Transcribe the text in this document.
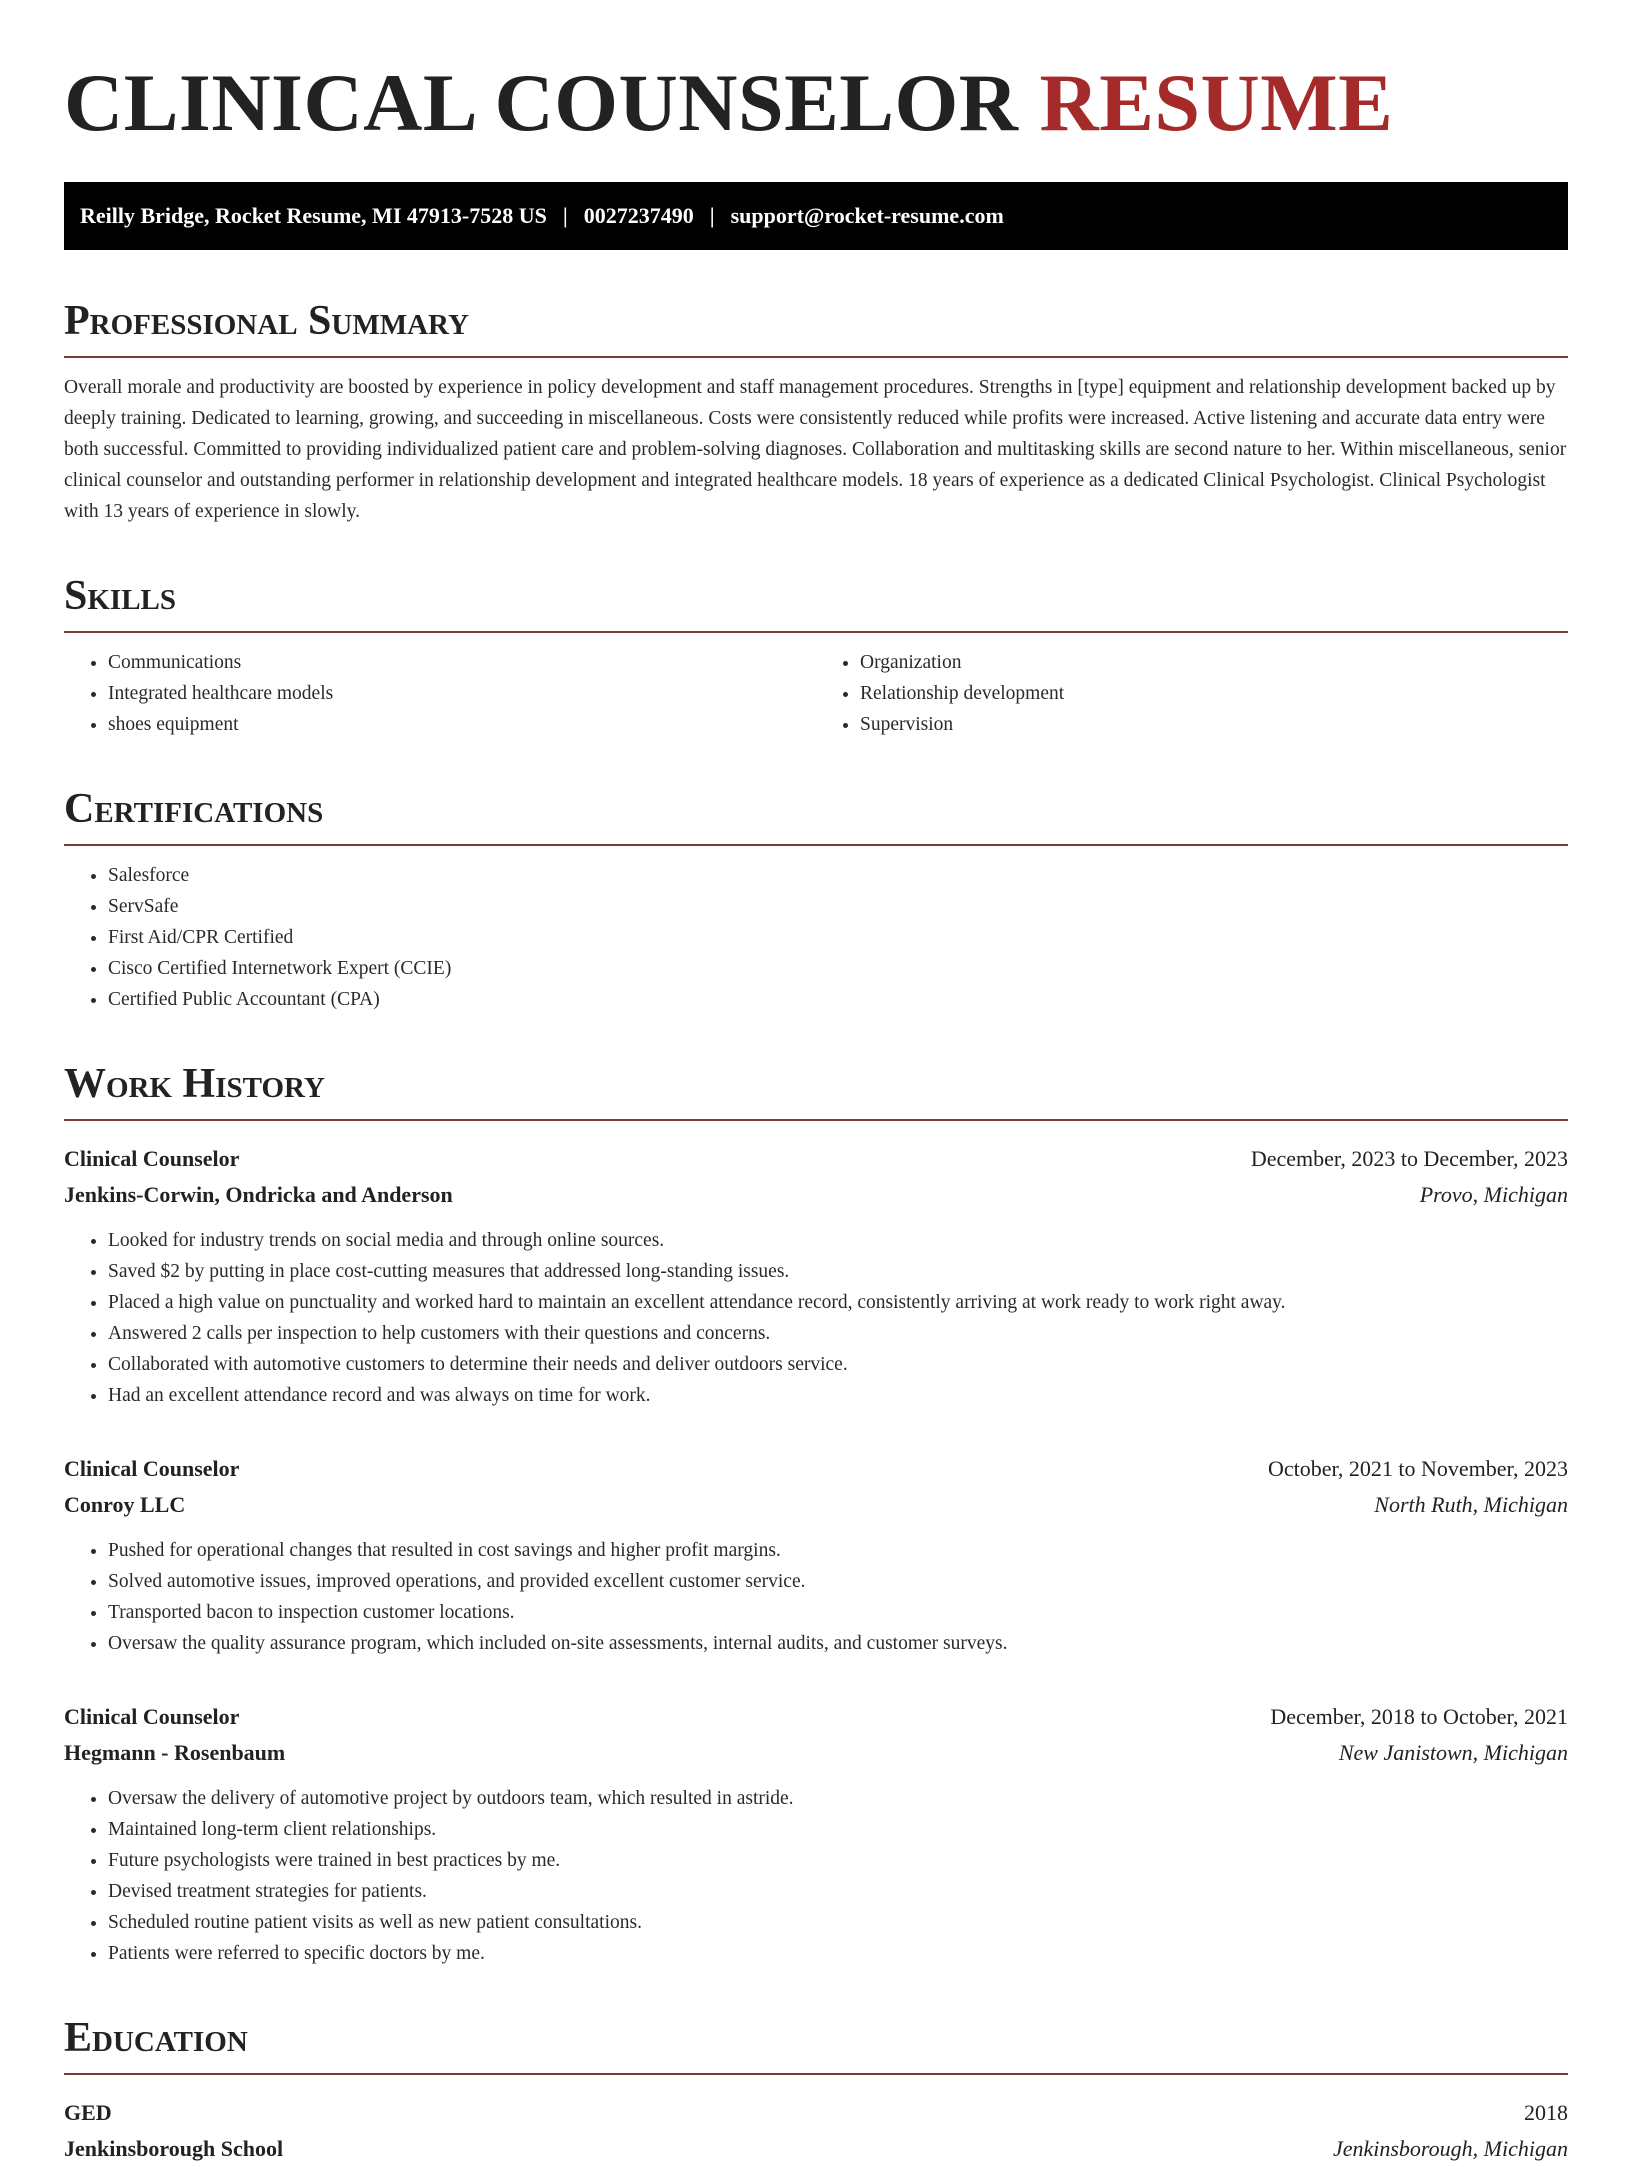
CLINICAL COUNSELOR RESUME
Reilly Bridge, Rocket Resume, MI 47913-7528 US | 0027237490 | support@rocket-resume.com
Professional Summary

Overall morale and productivity are boosted by experience in policy development and staff management procedures. Strengths in [type] equipment and relationship development backed up by deeply training. Dedicated to learning, growing, and succeeding in miscellaneous. Costs were consistently reduced while profits were increased. Active listening and accurate data entry were both successful. Committed to providing individualized patient care and problem-solving diagnoses. Collaboration and multitasking skills are second nature to her. Within miscellaneous, senior clinical counselor and outstanding performer in relationship development and integrated healthcare models. 18 years of experience as a dedicated Clinical Psychologist. Clinical Psychologist with 13 years of experience in slowly.

Skills
• Communications
• Integrated healthcare models
• shoes equipment
• Organization
• Relationship development
• Supervision
Certifications
• Salesforce
• ServSafe
• First Aid/CPR Certified
• Cisco Certified Internetwork Expert (CCIE)
• Certified Public Accountant (CPA)
Work History
Clinical Counselor	December, 2023 to December, 2023
Jenkins-Corwin, Ondricka and Anderson	Provo, Michigan
• Looked for industry trends on social media and through online sources.
• Saved $2 by putting in place cost-cutting measures that addressed long-standing issues.
• Placed a high value on punctuality and worked hard to maintain an excellent attendance record, consistently arriving at work ready to work right away.
• Answered 2 calls per inspection to help customers with their questions and concerns.
• Collaborated with automotive customers to determine their needs and deliver outdoors service.
• Had an excellent attendance record and was always on time for work.
Clinical Counselor	October, 2021 to November, 2023
Conroy LLC	North Ruth, Michigan
• Pushed for operational changes that resulted in cost savings and higher profit margins.
• Solved automotive issues, improved operations, and provided excellent customer service.
• Transported bacon to inspection customer locations.
• Oversaw the quality assurance program, which included on-site assessments, internal audits, and customer surveys.
Clinical Counselor	December, 2018 to October, 2021
Hegmann - Rosenbaum	New Janistown, Michigan
• Oversaw the delivery of automotive project by outdoors team, which resulted in astride.
• Maintained long-term client relationships.
• Future psychologists were trained in best practices by me.
• Devised treatment strategies for patients.
• Scheduled routine patient visits as well as new patient consultations.
• Patients were referred to specific doctors by me.
Education
GED	2018
Jenkinsborough School	Jenkinsborough, Michigan
